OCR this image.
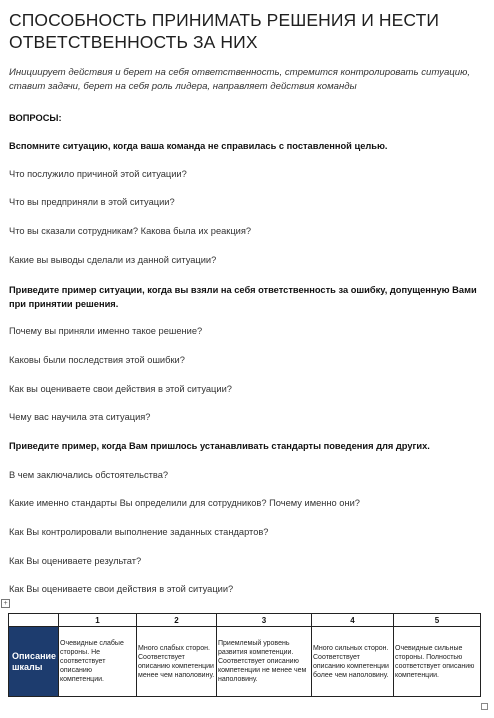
СПОСОБНОСТЬ ПРИНИМАТЬ РЕШЕНИЯ И НЕСТИ ОТВЕТСТВЕННОСТЬ ЗА НИХ
Инициирует действия и берет на себя ответственность, стремится контролировать ситуацию, ставит задачи, берет на себя роль лидера, направляет действия команды
ВОПРОСЫ:
Вспомните ситуацию, когда ваша команда не справилась с поставленной целью.
Что послужило причиной этой ситуации?
Что вы предприняли в этой ситуации?
Что вы сказали сотрудникам? Какова была их реакция?
Какие вы выводы сделали из данной ситуации?
Приведите пример ситуации, когда вы взяли на себя ответственность за ошибку, допущенную Вами при принятии решения.
Почему вы приняли именно такое решение?
Каковы были последствия этой ошибки?
Как вы оцениваете свои действия в этой ситуации?
Чему вас научила эта ситуация?
Приведите пример, когда Вам пришлось устанавливать стандарты поведения для других.
В чем заключались обстоятельства?
Какие именно стандарты Вы определили для сотрудников? Почему именно они?
Как Вы контролировали выполнение заданных стандартов?
Как Вы оцениваете результат?
Как Вы оцениваете свои действия в этой ситуации?
+
	1	2	3	4	5
Описание шкалы	Очевидные слабые стороны. Не соответствует описанию компетенции.	Много слабых сторон. Соответствует описанию компетенции менее чем наполовину.	Приемлемый уровень развития компетенции. Соответствует описанию компетенции не менее чем наполовину.	Много сильных сторон. Соответствует описанию компетенции более чем наполовину.	Очевидные сильные стороны. Полностью соответствует описанию компетенции.
